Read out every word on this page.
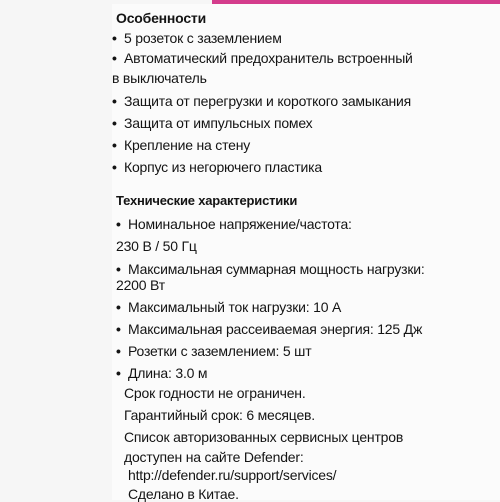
Особенности
• 5 розеток с заземлением
• Автоматический предохранитель встроенный
в выключатель
• Защита от перегрузки и короткого замыкания
• Защита от импульсных помех
• Крепление на стену
• Корпус из негорючего пластика
Технические характеристики
• Номинальное напряжение/частота:
230 В / 50 Гц
• Максимальная суммарная мощность нагрузки:
2200 Вт
• Максимальный ток нагрузки: 10 А
• Максимальная рассеиваемая энергия: 125 Дж
• Розетки с заземлением: 5 шт
• Длина: 3.0 м
Срок годности не ограничен.
Гарантийный срок: 6 месяцев.
Список авторизованных сервисных центров
доступен на сайте Defender:
http://defender.ru/support/services/
Сделано в Китае.
